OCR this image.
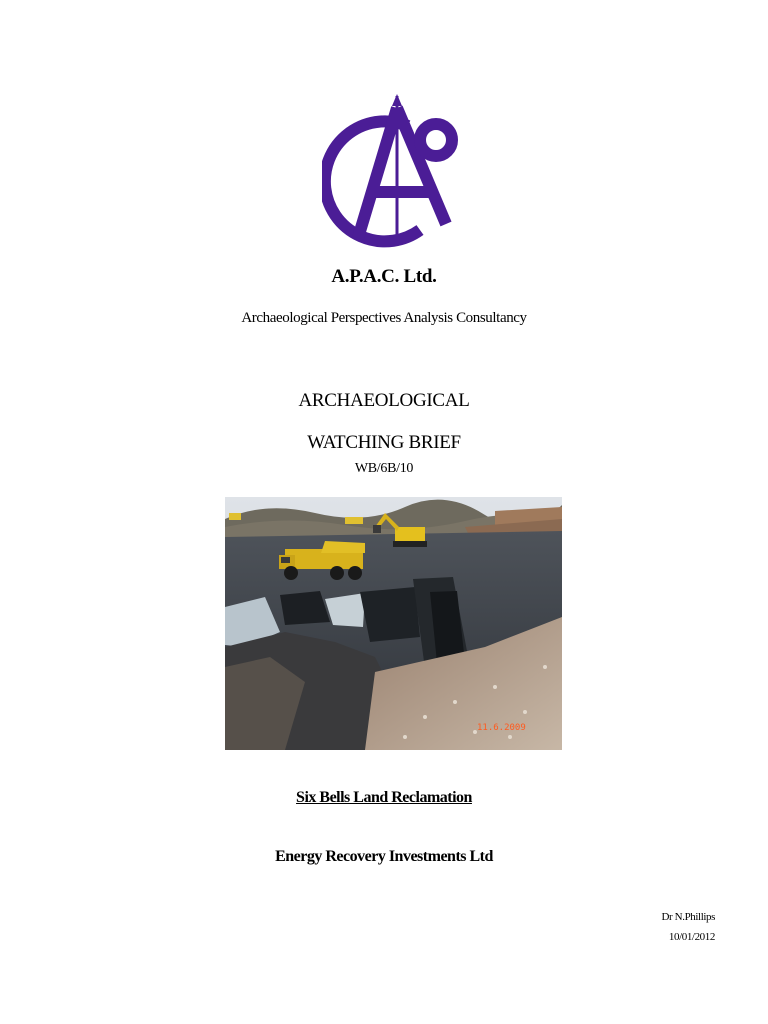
A.P.A.C. Ltd.
Archaeological Perspectives Analysis Consultancy
ARCHAEOLOGICAL
WATCHING BRIEF
WB/6B/10
11.6.2009
Six Bells Land Reclamation
Energy Recovery Investments Ltd
Dr N.Phillips
10/01/2012
